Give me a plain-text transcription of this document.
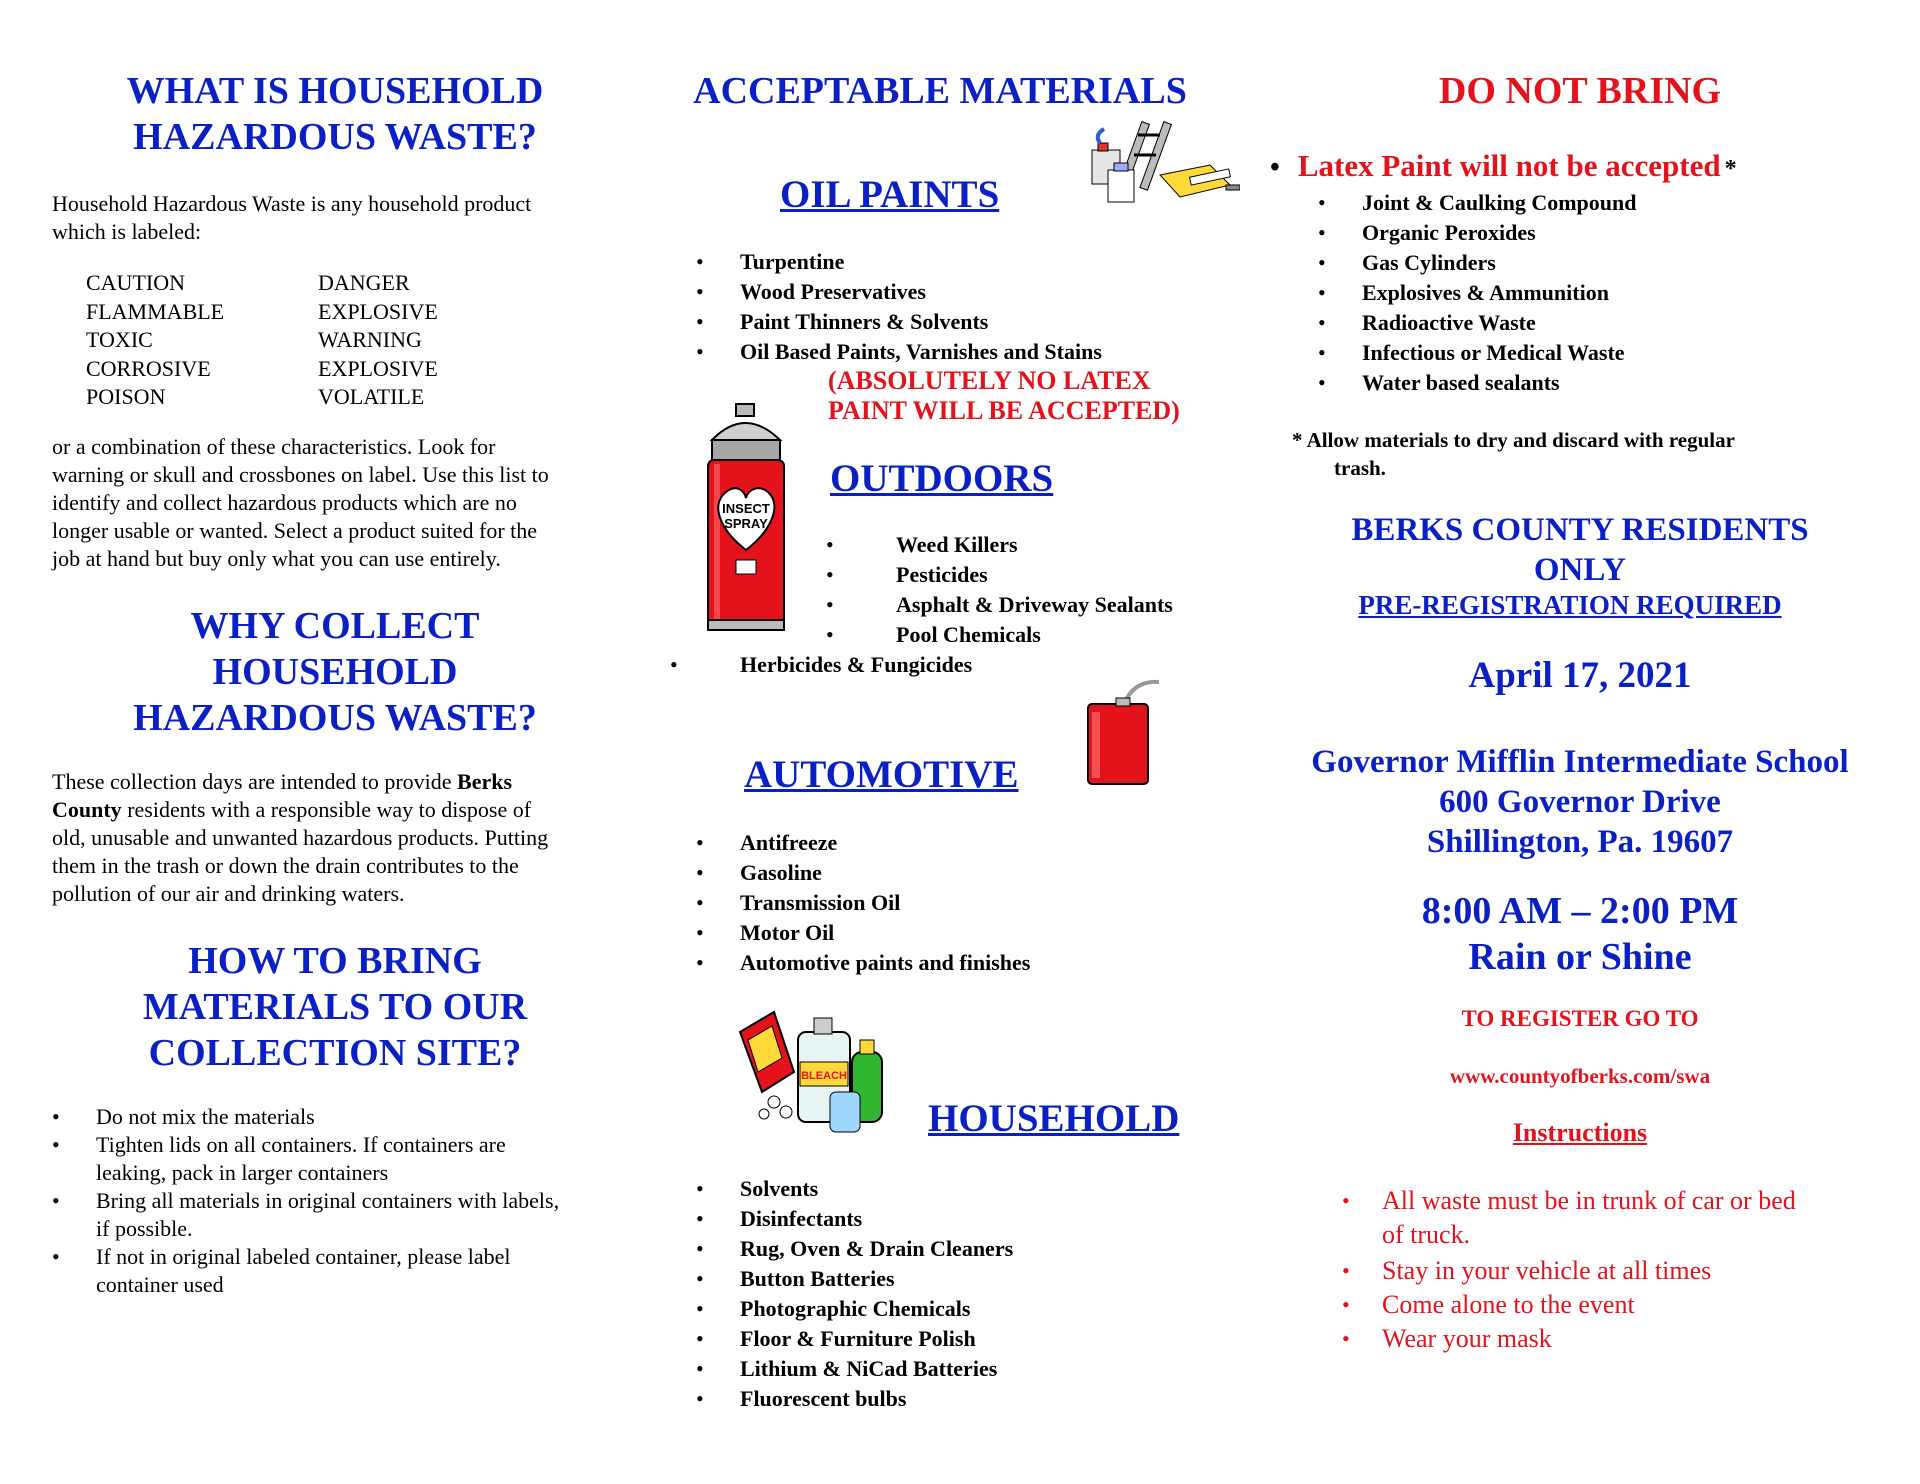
WHAT IS HOUSEHOLD
HAZARDOUS WASTE?

Household Hazardous Waste is any household product
which is labeled:

CAUTION
FLAMMABLE
TOXIC
CORROSIVE
POISON
DANGER
EXPLOSIVE
WARNING
EXPLOSIVE
VOLATILE

or a combination of these characteristics. Look for
warning or skull and crossbones on label. Use this list to
identify and collect hazardous products which are no
longer usable or wanted. Select a product suited for the
job at hand but buy only what you can use entirely.

WHY COLLECT
HOUSEHOLD
HAZARDOUS WASTE?

These collection days are intended to provide Berks
County residents with a responsible way to dispose of
old, unusable and unwanted hazardous products. Putting
them in the trash or down the drain contributes to the
pollution of our air and drinking waters.

HOW TO BRING
MATERIALS TO OUR
COLLECTION SITE?
• Do not mix the materials
• Tighten lids on all containers. If containers are
leaking, pack in larger containers
• Bring all materials in original containers with labels,
if possible.
• If not in original labeled container, please label
container used
ACCEPTABLE MATERIALS
OIL PAINTS
• Turpentine
• Wood Preservatives
• Paint Thinners & Solvents
• Oil Based Paints, Varnishes and Stains
(ABSOLUTELY NO LATEX
PAINT WILL BE ACCEPTED)
INSECT
SPRAY
OUTDOORS
• Weed Killers
• Pesticides
• Asphalt & Driveway Sealants
• Pool Chemicals
• Herbicides & Fungicides
AUTOMOTIVE
• Antifreeze
• Gasoline
• Transmission Oil
• Motor Oil
• Automotive paints and finishes
BLEACH
HOUSEHOLD
• Solvents
• Disinfectants
• Rug, Oven & Drain Cleaners
• Button Batteries
• Photographic Chemicals
• Floor & Furniture Polish
• Lithium & NiCad Batteries
• Fluorescent bulbs
DO NOT BRING
• Latex Paint will not be accepted *
• Joint & Caulking Compound
• Organic Peroxides
• Gas Cylinders
• Explosives & Ammunition
• Radioactive Waste
• Infectious or Medical Waste
• Water based sealants
* Allow materials to dry and discard with regular
trash.
BERKS COUNTY RESIDENTS
ONLY
PRE-REGISTRATION REQUIRED
April 17, 2021
Governor Mifflin Intermediate School
600 Governor Drive
Shillington, Pa. 19607
8:00 AM – 2:00 PM
Rain or Shine
TO REGISTER GO TO
www.countyofberks.com/swa
Instructions
• All waste must be in trunk of car or bed
of truck.
• Stay in your vehicle at all times
• Come alone to the event
• Wear your mask
